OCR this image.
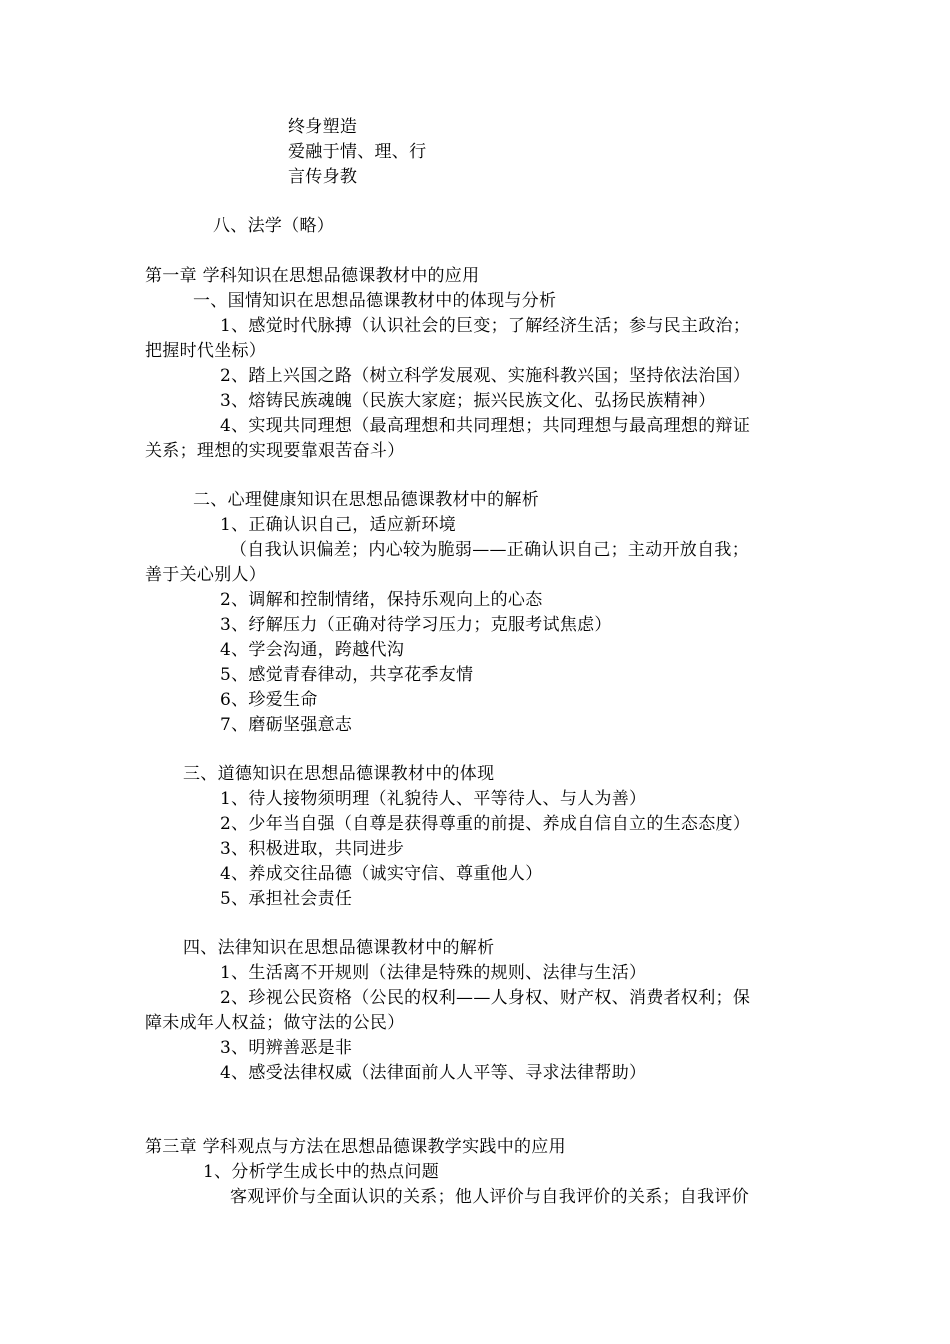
终身塑造

爱融于情、理、行

言传身教

八、法学（略）

第一章 学科知识在思想品德课教材中的应用

一、国情知识在思想品德课教材中的体现与分析

1、感觉时代脉搏（认识社会的巨变；了解经济生活；参与民主政治；

把握时代坐标）

2、踏上兴国之路（树立科学发展观、实施科教兴国；坚持依法治国）

3、熔铸民族魂魄（民族大家庭；振兴民族文化、弘扬民族精神）

4、实现共同理想（最高理想和共同理想；共同理想与最高理想的辩证

关系；理想的实现要靠艰苦奋斗）

二、心理健康知识在思想品德课教材中的解析

1、正确认识自己，适应新环境

（自我认识偏差；内心较为脆弱——正确认识自己；主动开放自我；

善于关心别人）

2、调解和控制情绪，保持乐观向上的心态

3、纾解压力（正确对待学习压力；克服考试焦虑）

4、学会沟通，跨越代沟

5、感觉青春律动，共享花季友情

6、珍爱生命

7、磨砺坚强意志

三、道德知识在思想品德课教材中的体现

1、待人接物须明理（礼貌待人、平等待人、与人为善）

2、少年当自强（自尊是获得尊重的前提、养成自信自立的生态态度）

3、积极进取，共同进步

4、养成交往品德（诚实守信、尊重他人）

5、承担社会责任

四、法律知识在思想品德课教材中的解析

1、生活离不开规则（法律是特殊的规则、法律与生活）

2、珍视公民资格（公民的权利——人身权、财产权、消费者权利；保

障未成年人权益；做守法的公民）

3、明辨善恶是非

4、感受法律权威（法律面前人人平等、寻求法律帮助）

第三章 学科观点与方法在思想品德课教学实践中的应用

1、分析学生成长中的热点问题

客观评价与全面认识的关系；他人评价与自我评价的关系；自我评价
